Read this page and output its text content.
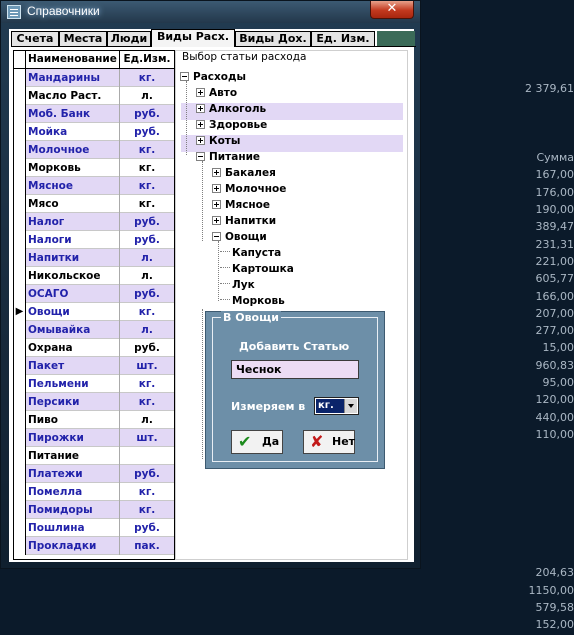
Справочники	✕
Счета Места Люди Виды Расх. Виды Дох. Ед. Изм.
Наименование Ед.Изм.
Мандарины	кг.
Масло Раст.	л.
Моб. Банк	руб.
Мойка	руб.
Молочное	кг.
Морковь	кг.
Мясное	кг.
Мясо	кг.
Налог	руб.
Налоги	руб.
Напитки	л.
Никольское	л.
ОСАГО	руб.
▶ Овощи	кг.
Омывайка	л.
Охрана	руб.
Пакет	шт.
Пельмени	кг.
Персики	кг.
Пиво	л.
Пирожки	шт.
Питание
Платежи	руб.
Помелла	кг.
Помидоры	кг.
Пошлина	руб.
Прокладки	пак.
2 379,61
Сумма
167,00
176,00
190,00
389,47
231,31
221,00
605,77
166,00
207,00
277,00
15,00
960,83
95,00
120,00
440,00
110,00
204,63
1150,00
579,58
152,00
Выбор статьи расхода
Расходы
Авто
Алкоголь
Здоровье
Коты
Питание
Бакалея
Молочное
Мясное
Напитки
Овощи
Капуста
Картошка
Лук
Морковь
В Овощи
Добавить Статью
Чеснок
Измеряем в кг.
✔ Да ✘ Нет
